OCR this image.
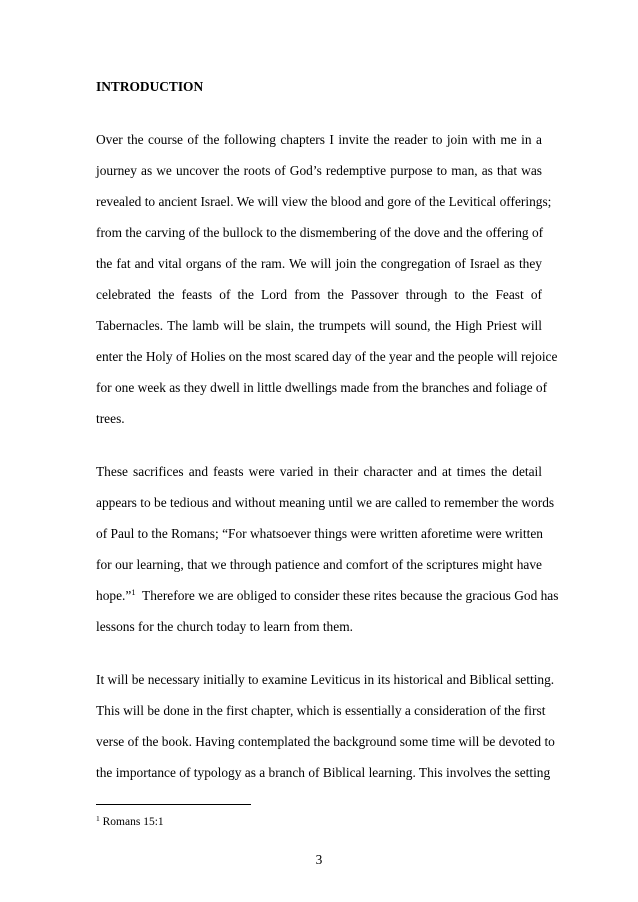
INTRODUCTION

Over the course of the following chapters I invite the reader to join with me in a

journey as we uncover the roots of God’s redemptive purpose to man, as that was

revealed to ancient Israel. We will view the blood and gore of the Levitical offerings;

from the carving of the bullock to the dismembering of the dove and the offering of

the fat and vital organs of the ram. We will join the congregation of Israel as they

celebrated the feasts of the Lord from the Passover through to the Feast of

Tabernacles. The lamb will be slain, the trumpets will sound, the High Priest will

enter the Holy of Holies on the most scared day of the year and the people will rejoice

for one week as they dwell in little dwellings made from the branches and foliage of

trees.

These sacrifices and feasts were varied in their character and at times the detail

appears to be tedious and without meaning until we are called to remember the words

of Paul to the Romans; “For whatsoever things were written aforetime were written

for our learning, that we through patience and comfort of the scriptures might have

hope.”$^1$  Therefore we are obliged to consider these rites because the gracious God has

lessons for the church today to learn from them.

It will be necessary initially to examine Leviticus in its historical and Biblical setting.

This will be done in the first chapter, which is essentially a consideration of the first

verse of the book. Having contemplated the background some time will be devoted to

the importance of typology as a branch of Biblical learning. This involves the setting

$^1$ Romans 15:1

3
